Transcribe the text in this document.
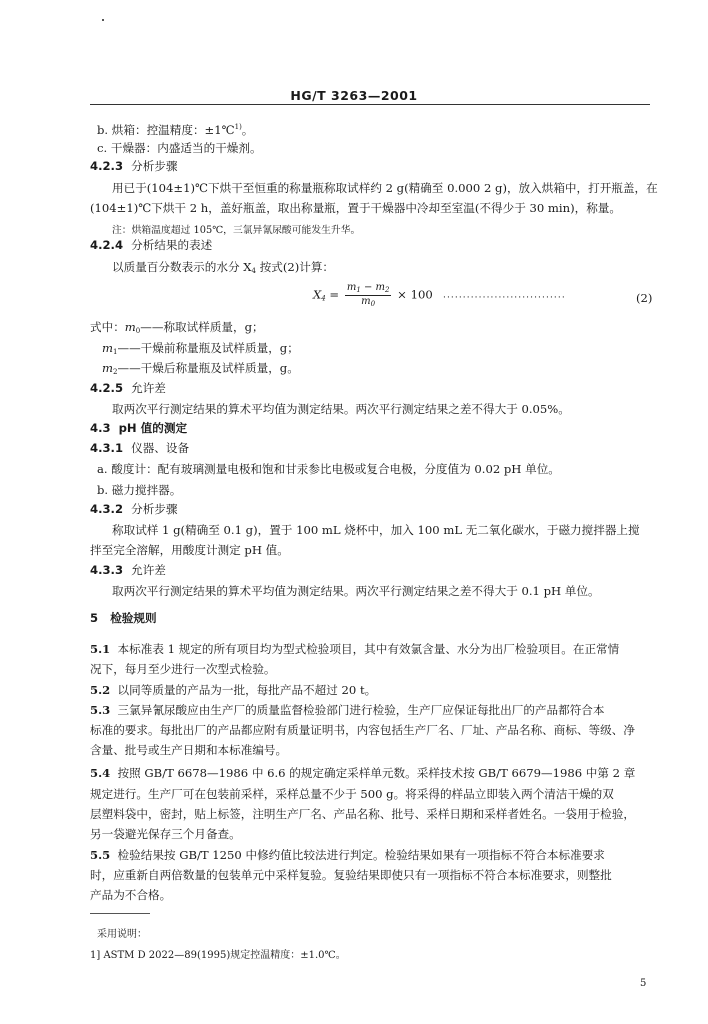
HG/T 3263—2001
b. 烘箱：控温精度：±1℃$^{1)}$。
c. 干燥器：内盛适当的干燥剂。
4.2.3 分析步骤
用已于(104±1)℃下烘干至恒重的称量瓶称取试样约 2 g(精确至 0.000 2 g)，放入烘箱中，打开瓶盖，在
(104±1)℃下烘干 2 h，盖好瓶盖，取出称量瓶，置于干燥器中冷却至室温(不得少于 30 min)，称量。
注：烘箱温度超过 105℃，三氯异氰尿酸可能发生升华。
4.2.4 分析结果的表述
以质量百分数表示的水分 $X_4$ 按式(2)计算：
$X_4 = \frac{m_1 - m_2}{m_0} \times 100$ ·······························	(2)
式中：$m_0——$称取试样质量，g；
$m_1——$干燥前称量瓶及试样质量，g；
$m_2——$干燥后称量瓶及试样质量，g。
4.2.5 允许差
取两次平行测定结果的算术平均值为测定结果。两次平行测定结果之差不得大于 0.05%。
4.3 pH 值的测定
4.3.1 仪器、设备
a. 酸度计：配有玻璃测量电极和饱和甘汞参比电极或复合电极，分度值为 0.02 pH 单位。
b. 磁力搅拌器。
4.3.2 分析步骤
称取试样 1 g(精确至 0.1 g)，置于 100 mL 烧杯中，加入 100 mL 无二氧化碳水，于磁力搅拌器上搅
拌至完全溶解，用酸度计测定 pH 值。
4.3.3 允许差
取两次平行测定结果的算术平均值为测定结果。两次平行测定结果之差不得大于 0.1 pH 单位。
5 检验规则
5.1 本标准表 1 规定的所有项目均为型式检验项目，其中有效氯含量、水分为出厂检验项目。在正常情
况下，每月至少进行一次型式检验。
5.2 以同等质量的产品为一批，每批产品不超过 20 t。
5.3 三氯异氰尿酸应由生产厂的质量监督检验部门进行检验，生产厂应保证每批出厂的产品都符合本
标准的要求。每批出厂的产品都应附有质量证明书，内容包括生产厂名、厂址、产品名称、商标、等级、净
含量、批号或生产日期和本标准编号。
5.4 按照 GB/T 6678—1986 中 6.6 的规定确定采样单元数。采样技术按 GB/T 6679—1986 中第 2 章
规定进行。生产厂可在包装前采样，采样总量不少于 500 g。将采得的样品立即装入两个清洁干燥的双
层塑料袋中，密封，贴上标签，注明生产厂名、产品名称、批号、采样日期和采样者姓名。一袋用于检验，
另一袋避光保存三个月备查。
5.5 检验结果按 GB/T 1250 中修约值比较法进行判定。检验结果如果有一项指标不符合本标准要求
时，应重新自两倍数量的包装单元中采样复验。复验结果即使只有一项指标不符合本标准要求，则整批
产品为不合格。
采用说明：
1] ASTM D 2022—89(1995)规定控温精度：±1.0℃。
5
